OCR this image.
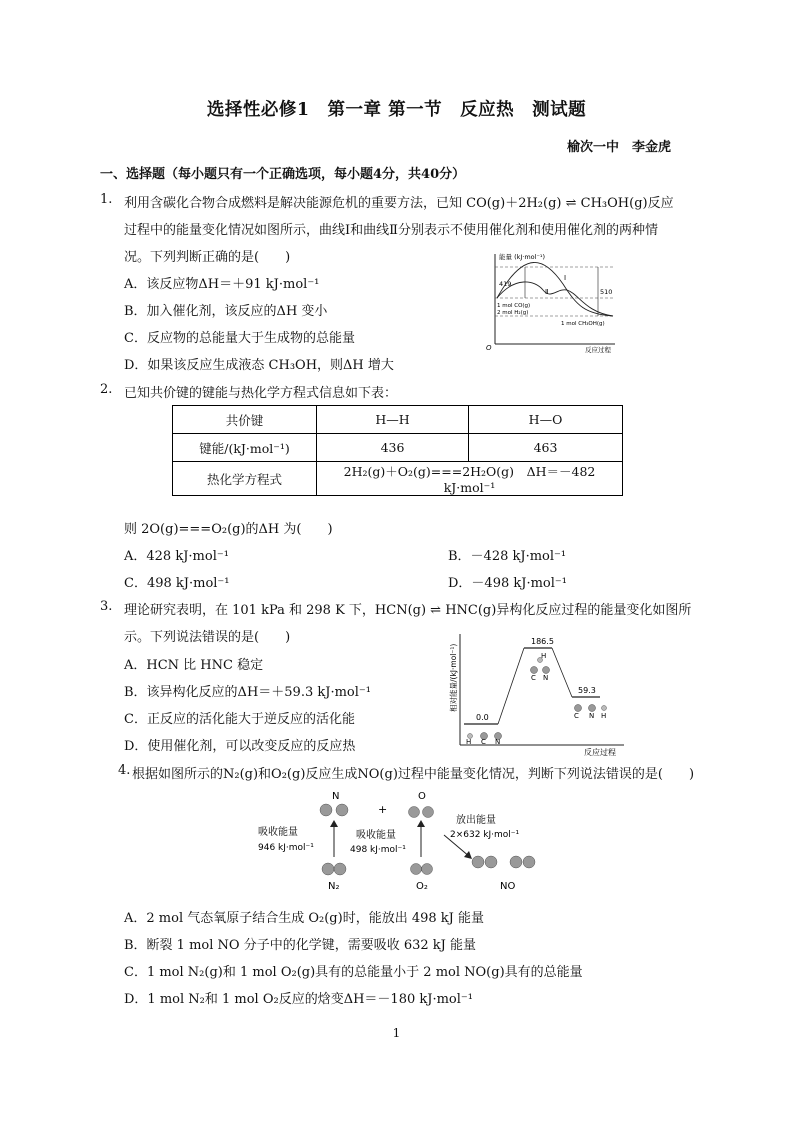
选择性必修1　第一章 第一节　反应热　测试题
榆次一中　李金虎
一、选择题（每小题只有一个正确选项，每小题4分，共40分）
1. 利用含碳化合物合成燃料是解决能源危机的重要方法，已知 CO(g)＋2H₂(g) ⇌ CH₃OH(g)反应
过程中的能量变化情况如图所示，曲线Ⅰ和曲线Ⅱ分别表示不使用催化剂和使用催化剂的两种情
况。下列判断正确的是(　　)
A．该反应物ΔH＝＋91 kJ·mol⁻¹
B．加入催化剂，该反应的ΔH 变小
C．反应物的总能量大于生成物的总能量
D．如果该反应生成液态 CH₃OH，则ΔH 增大
能量 (kJ·mol⁻¹)
419
510
Ⅰ
Ⅱ
1 mol CO(g)
2 mol H₂(g)
1 mol CH₃OH(g)
O	反应过程
2. 已知共价键的键能与热化学方程式信息如下表：
共价键	H—H	H—O
键能/(kJ·mol⁻¹)	436	463
热化学方程式	2H₂(g)＋O₂(g)===2H₂O(g)　ΔH＝－482 kJ·mol⁻¹	
则 2O(g)===O₂(g)的ΔH 为(　　)
A．428 kJ·mol⁻¹	B．－428 kJ·mol⁻¹
C．498 kJ·mol⁻¹	D．－498 kJ·mol⁻¹
3. 理论研究表明，在 101 kPa 和 298 K 下，HCN(g) ⇌ HNC(g)异构化反应过程的能量变化如图所
示。下列说法错误的是(　　)
A．HCN 比 HNC 稳定
B．该异构化反应的ΔH＝＋59.3 kJ·mol⁻¹
C．正反应的活化能大于逆反应的活化能
D．使用催化剂，可以改变反应的反应热
相对能量/(kJ·mol⁻¹)
186.5
0.0
59.3
H C N
C N
H
C N H
反应过程
4. 根据如图所示的N₂(g)和O₂(g)反应生成NO(g)过程中能量变化情况，判断下列说法错误的是(　　)
N
+
O
吸收能量
946 kJ·mol⁻¹
吸收能量
498 kJ·mol⁻¹
N₂	O₂
放出能量
2×632 kJ·mol⁻¹
NO
A．2 mol 气态氧原子结合生成 O₂(g)时，能放出 498 kJ 能量
B．断裂 1 mol NO 分子中的化学键，需要吸收 632 kJ 能量
C．1 mol N₂(g)和 1 mol O₂(g)具有的总能量小于 2 mol NO(g)具有的总能量
D．1 mol N₂和 1 mol O₂反应的焓变ΔH＝－180 kJ·mol⁻¹
1
